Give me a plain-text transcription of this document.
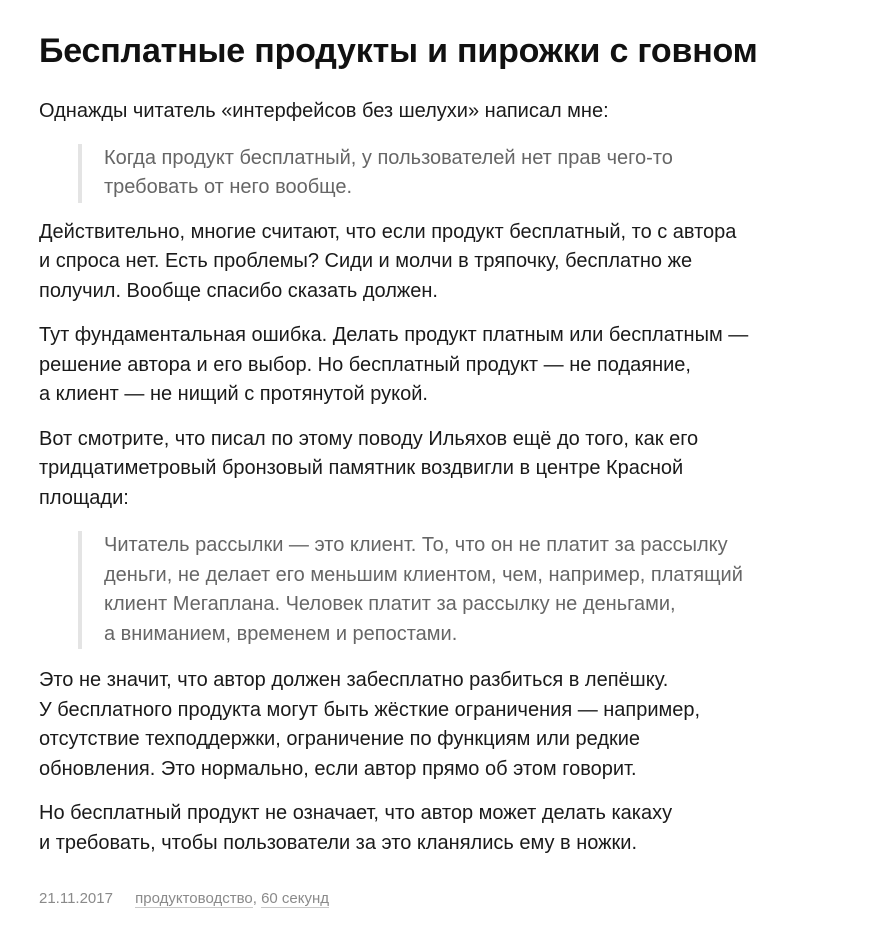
Бесплатные продукты и пирожки с говном

Однажды читатель «интерфейсов без шелухи» написал мне:

Когда продукт бесплатный, у пользователей нет прав чего-то
требовать от него вообще.
Действительно, многие считают, что если продукт бесплатный, то с автора
и спроса нет. Есть проблемы? Сиди и молчи в тряпочку, бесплатно же
получил. Вообще спасибо сказать должен.
Тут фундаментальная ошибка. Делать продукт платным или бесплатным —
решение автора и его выбор. Но бесплатный продукт — не подаяние,
а клиент — не нищий с протянутой рукой.
Вот смотрите, что писал по этому поводу Ильяхов ещё до того, как его
тридцатиметровый бронзовый памятник воздвигли в центре Красной
площади:
Читатель рассылки — это клиент. То, что он не платит за рассылку
деньги, не делает его меньшим клиентом, чем, например, платящий
клиент Мегаплана. Человек платит за рассылку не деньгами,
а вниманием, временем и репостами.
Это не значит, что автор должен забесплатно разбиться в лепёшку.
У бесплатного продукта могут быть жёсткие ограничения — например,
отсутствие техподдержки, ограничение по функциям или редкие
обновления. Это нормально, если автор прямо об этом говорит.
Но бесплатный продукт не означает, что автор может делать какаху
и требовать, чтобы пользователи за это кланялись ему в ножки.
21.11.2017 продуктоводство, 60 секунд
